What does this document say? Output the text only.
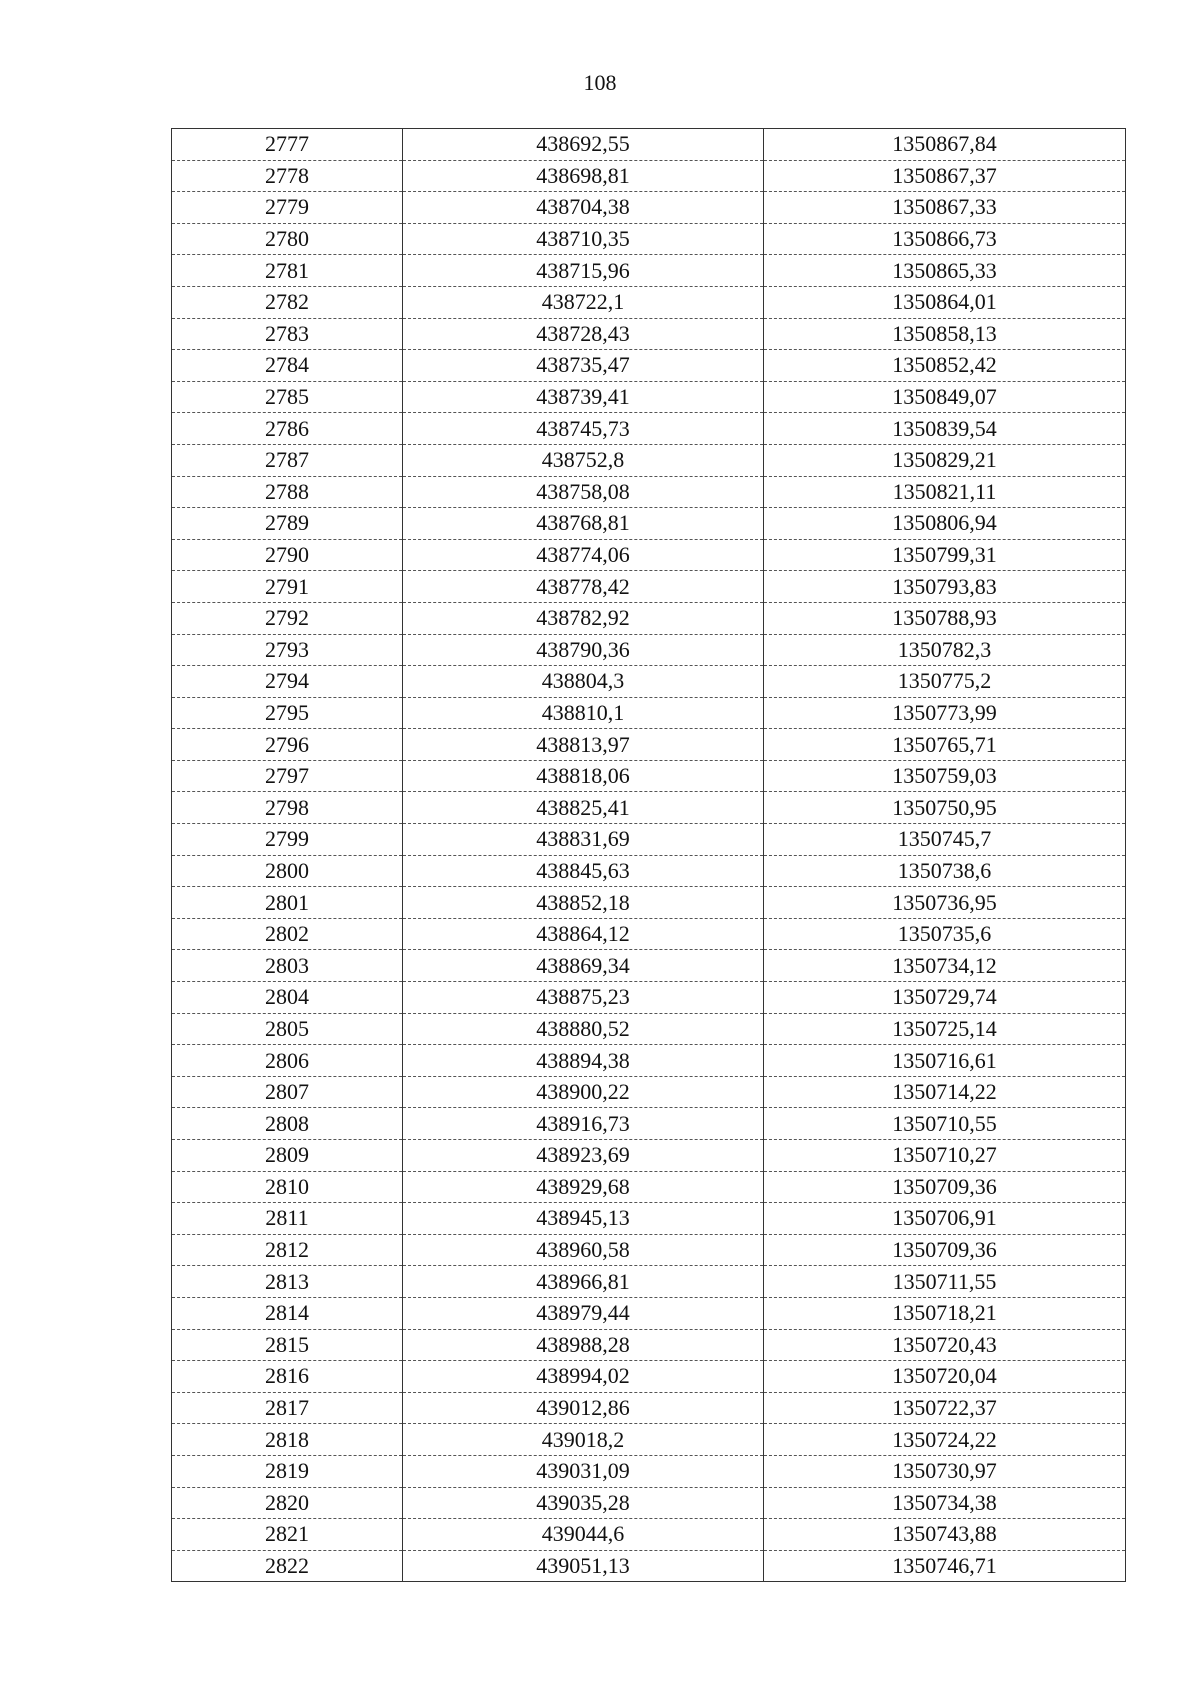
108
2777	438692,55	1350867,84
2778	438698,81	1350867,37
2779	438704,38	1350867,33
2780	438710,35	1350866,73
2781	438715,96	1350865,33
2782	438722,1	1350864,01
2783	438728,43	1350858,13
2784	438735,47	1350852,42
2785	438739,41	1350849,07
2786	438745,73	1350839,54
2787	438752,8	1350829,21
2788	438758,08	1350821,11
2789	438768,81	1350806,94
2790	438774,06	1350799,31
2791	438778,42	1350793,83
2792	438782,92	1350788,93
2793	438790,36	1350782,3
2794	438804,3	1350775,2
2795	438810,1	1350773,99
2796	438813,97	1350765,71
2797	438818,06	1350759,03
2798	438825,41	1350750,95
2799	438831,69	1350745,7
2800	438845,63	1350738,6
2801	438852,18	1350736,95
2802	438864,12	1350735,6
2803	438869,34	1350734,12
2804	438875,23	1350729,74
2805	438880,52	1350725,14
2806	438894,38	1350716,61
2807	438900,22	1350714,22
2808	438916,73	1350710,55
2809	438923,69	1350710,27
2810	438929,68	1350709,36
2811	438945,13	1350706,91
2812	438960,58	1350709,36
2813	438966,81	1350711,55
2814	438979,44	1350718,21
2815	438988,28	1350720,43
2816	438994,02	1350720,04
2817	439012,86	1350722,37
2818	439018,2	1350724,22
2819	439031,09	1350730,97
2820	439035,28	1350734,38
2821	439044,6	1350743,88
2822	439051,13	1350746,71
